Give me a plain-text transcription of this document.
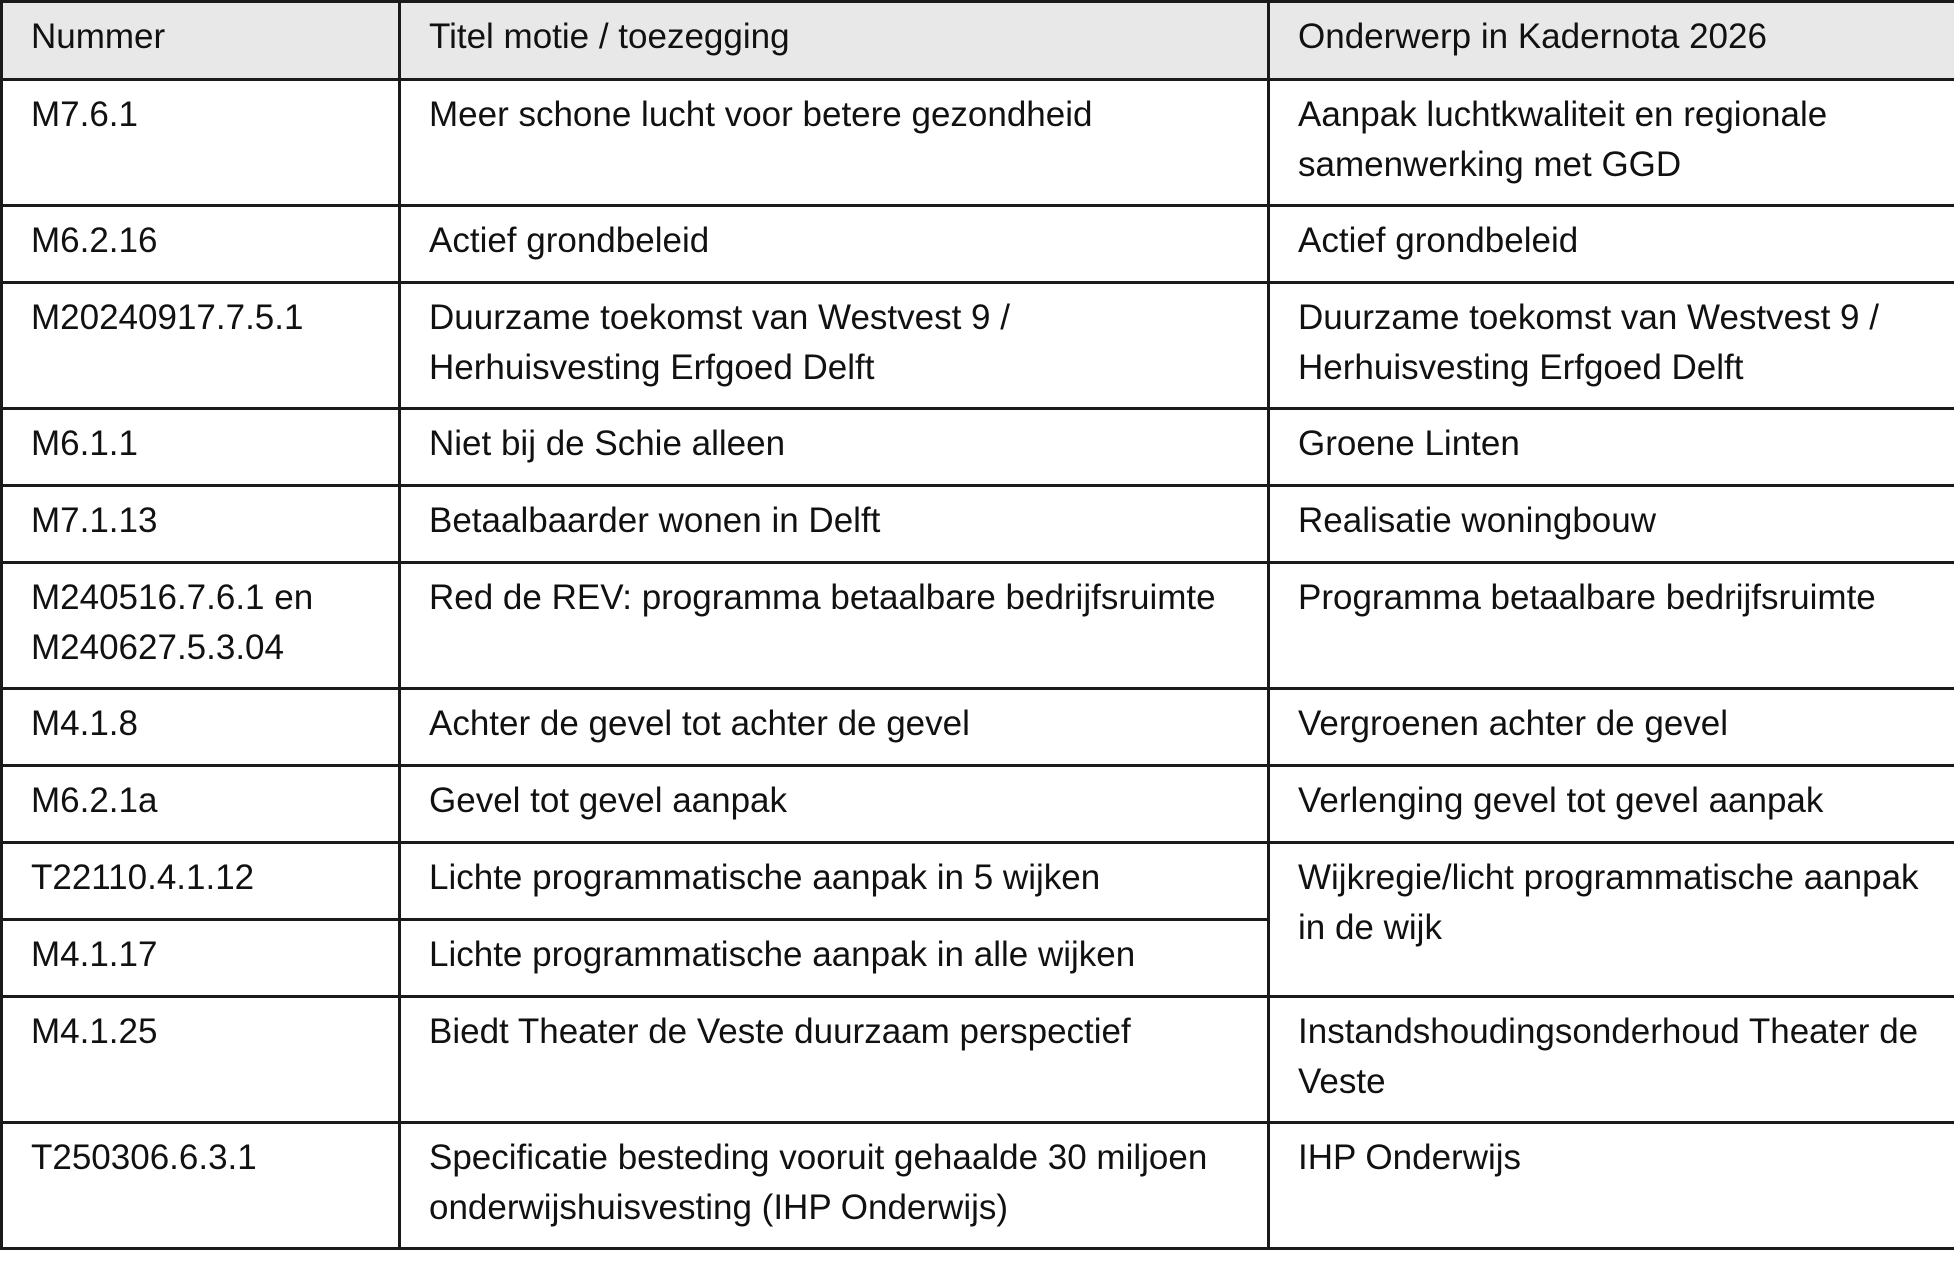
Nummer	Titel motie / toezegging	Onderwerp in Kadernota 2026
M7.6.1	Meer schone lucht voor betere gezondheid	Aanpak luchtkwaliteit en regionale samenwerking met GGD
M6.2.16	Actief grondbeleid	Actief grondbeleid
M20240917.7.5.1	Duurzame toekomst van Westvest 9 / Herhuisvesting Erfgoed Delft	Duurzame toekomst van Westvest 9 / Herhuisvesting Erfgoed Delft
M6.1.1	Niet bij de Schie alleen	Groene Linten
M7.1.13	Betaalbaarder wonen in Delft	Realisatie woningbouw
M240516.7.6.1 en M240627.5.3.04	Red de REV: programma betaalbare bedrijfsruimte	Programma betaalbare bedrijfsruimte
M4.1.8	Achter de gevel tot achter de gevel	Vergroenen achter de gevel
M6.2.1a	Gevel tot gevel aanpak	Verlenging gevel tot gevel aanpak
T22110.4.1.12	Lichte programmatische aanpak in 5 wijken	Wijkregie/licht programmatische aanpak in de wijk
M4.1.17	Lichte programmatische aanpak in alle wijken	
M4.1.25	Biedt Theater de Veste duurzaam perspectief	Instandshoudingsonderhoud Theater de Veste
T250306.6.3.1	Specificatie besteding vooruit gehaalde 30 miljoen onderwijshuisvesting (IHP Onderwijs)	IHP Onderwijs
